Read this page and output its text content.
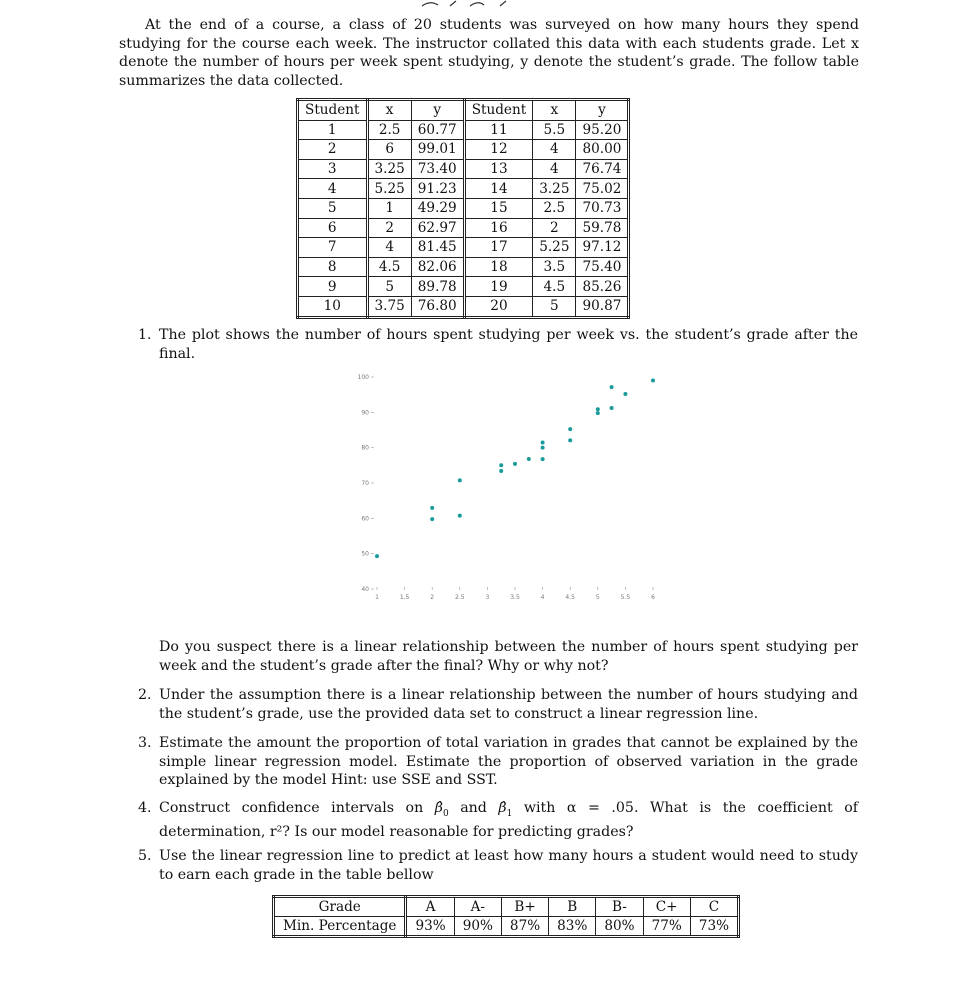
At the end of a course, a class of 20 students was surveyed on how many hours they spend studying for the course each week. The instructor collated this data with each students grade. Let x denote the number of hours per week spent studying, y denote the student’s grade. The follow table summarizes the data collected.
Student	x	y	Student	x	y
1	2.5	60.77	11	5.5	95.20
2	6	99.01	12	4	80.00
3	3.25	73.40	13	4	76.74
4	5.25	91.23	14	3.25	75.02
5	1	49.29	15	2.5	70.73
6	2	62.97	16	2	59.78
7	4	81.45	17	5.25	97.12
8	4.5	82.06	18	3.5	75.40
9	5	89.78	19	4.5	85.26
10	3.75	76.80	20	5	90.87
1. The plot shows the number of hours spent studying per week vs. the student’s grade after the final.
40
50
60
70
80
90
100
1	1.5	2	2.5	3	3.5	4	4.5	5	5.5	6
Do you suspect there is a linear relationship between the number of hours spent studying per week and the student’s grade after the final? Why or why not?
2. Under the assumption there is a linear relationship between the number of hours studying and the student’s grade, use the provided data set to construct a linear regression line.
3. Estimate the amount the proportion of total variation in grades that cannot be explained by the simple linear regression model. Estimate the proportion of observed variation in the grade explained by the model Hint: use SSE and SST.
4. Construct confidence intervals on $\betâ_0$ and $\betâ_1$ with α = .05. What is the coefficient of determination, r²? Is our model reasonable for predicting grades?
5. Use the linear regression line to predict at least how many hours a student would need to study to earn each grade in the table bellow
Grade	A	A-	B+	B	B-	C+	C
Min. Percentage	93%	90%	87%	83%	80%	77%	73%
